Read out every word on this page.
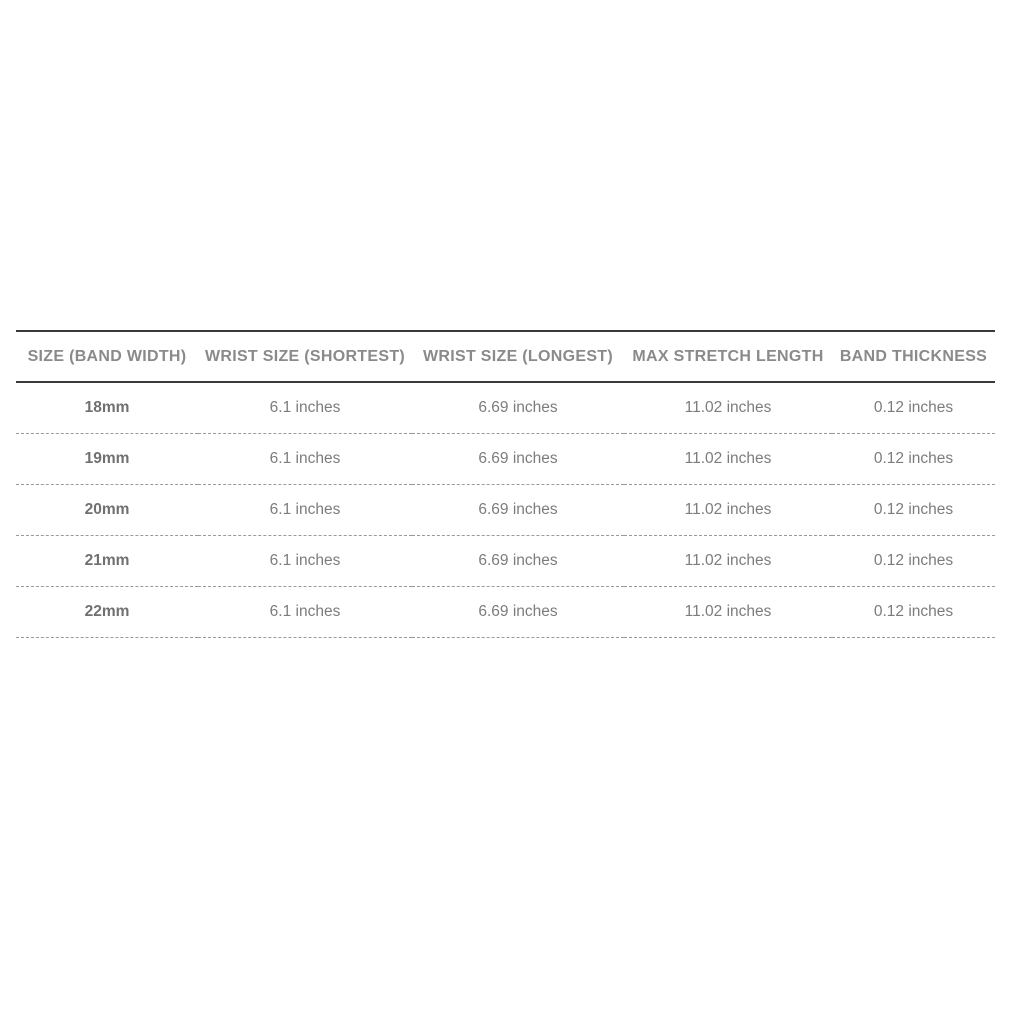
SIZE (BAND WIDTH)	WRIST SIZE (SHORTEST)	WRIST SIZE (LONGEST)	MAX STRETCH LENGTH	BAND THICKNESS
18mm	6.1 inches	6.69 inches	11.02 inches	0.12 inches
19mm	6.1 inches	6.69 inches	11.02 inches	0.12 inches
20mm	6.1 inches	6.69 inches	11.02 inches	0.12 inches
21mm	6.1 inches	6.69 inches	11.02 inches	0.12 inches
22mm	6.1 inches	6.69 inches	11.02 inches	0.12 inches
